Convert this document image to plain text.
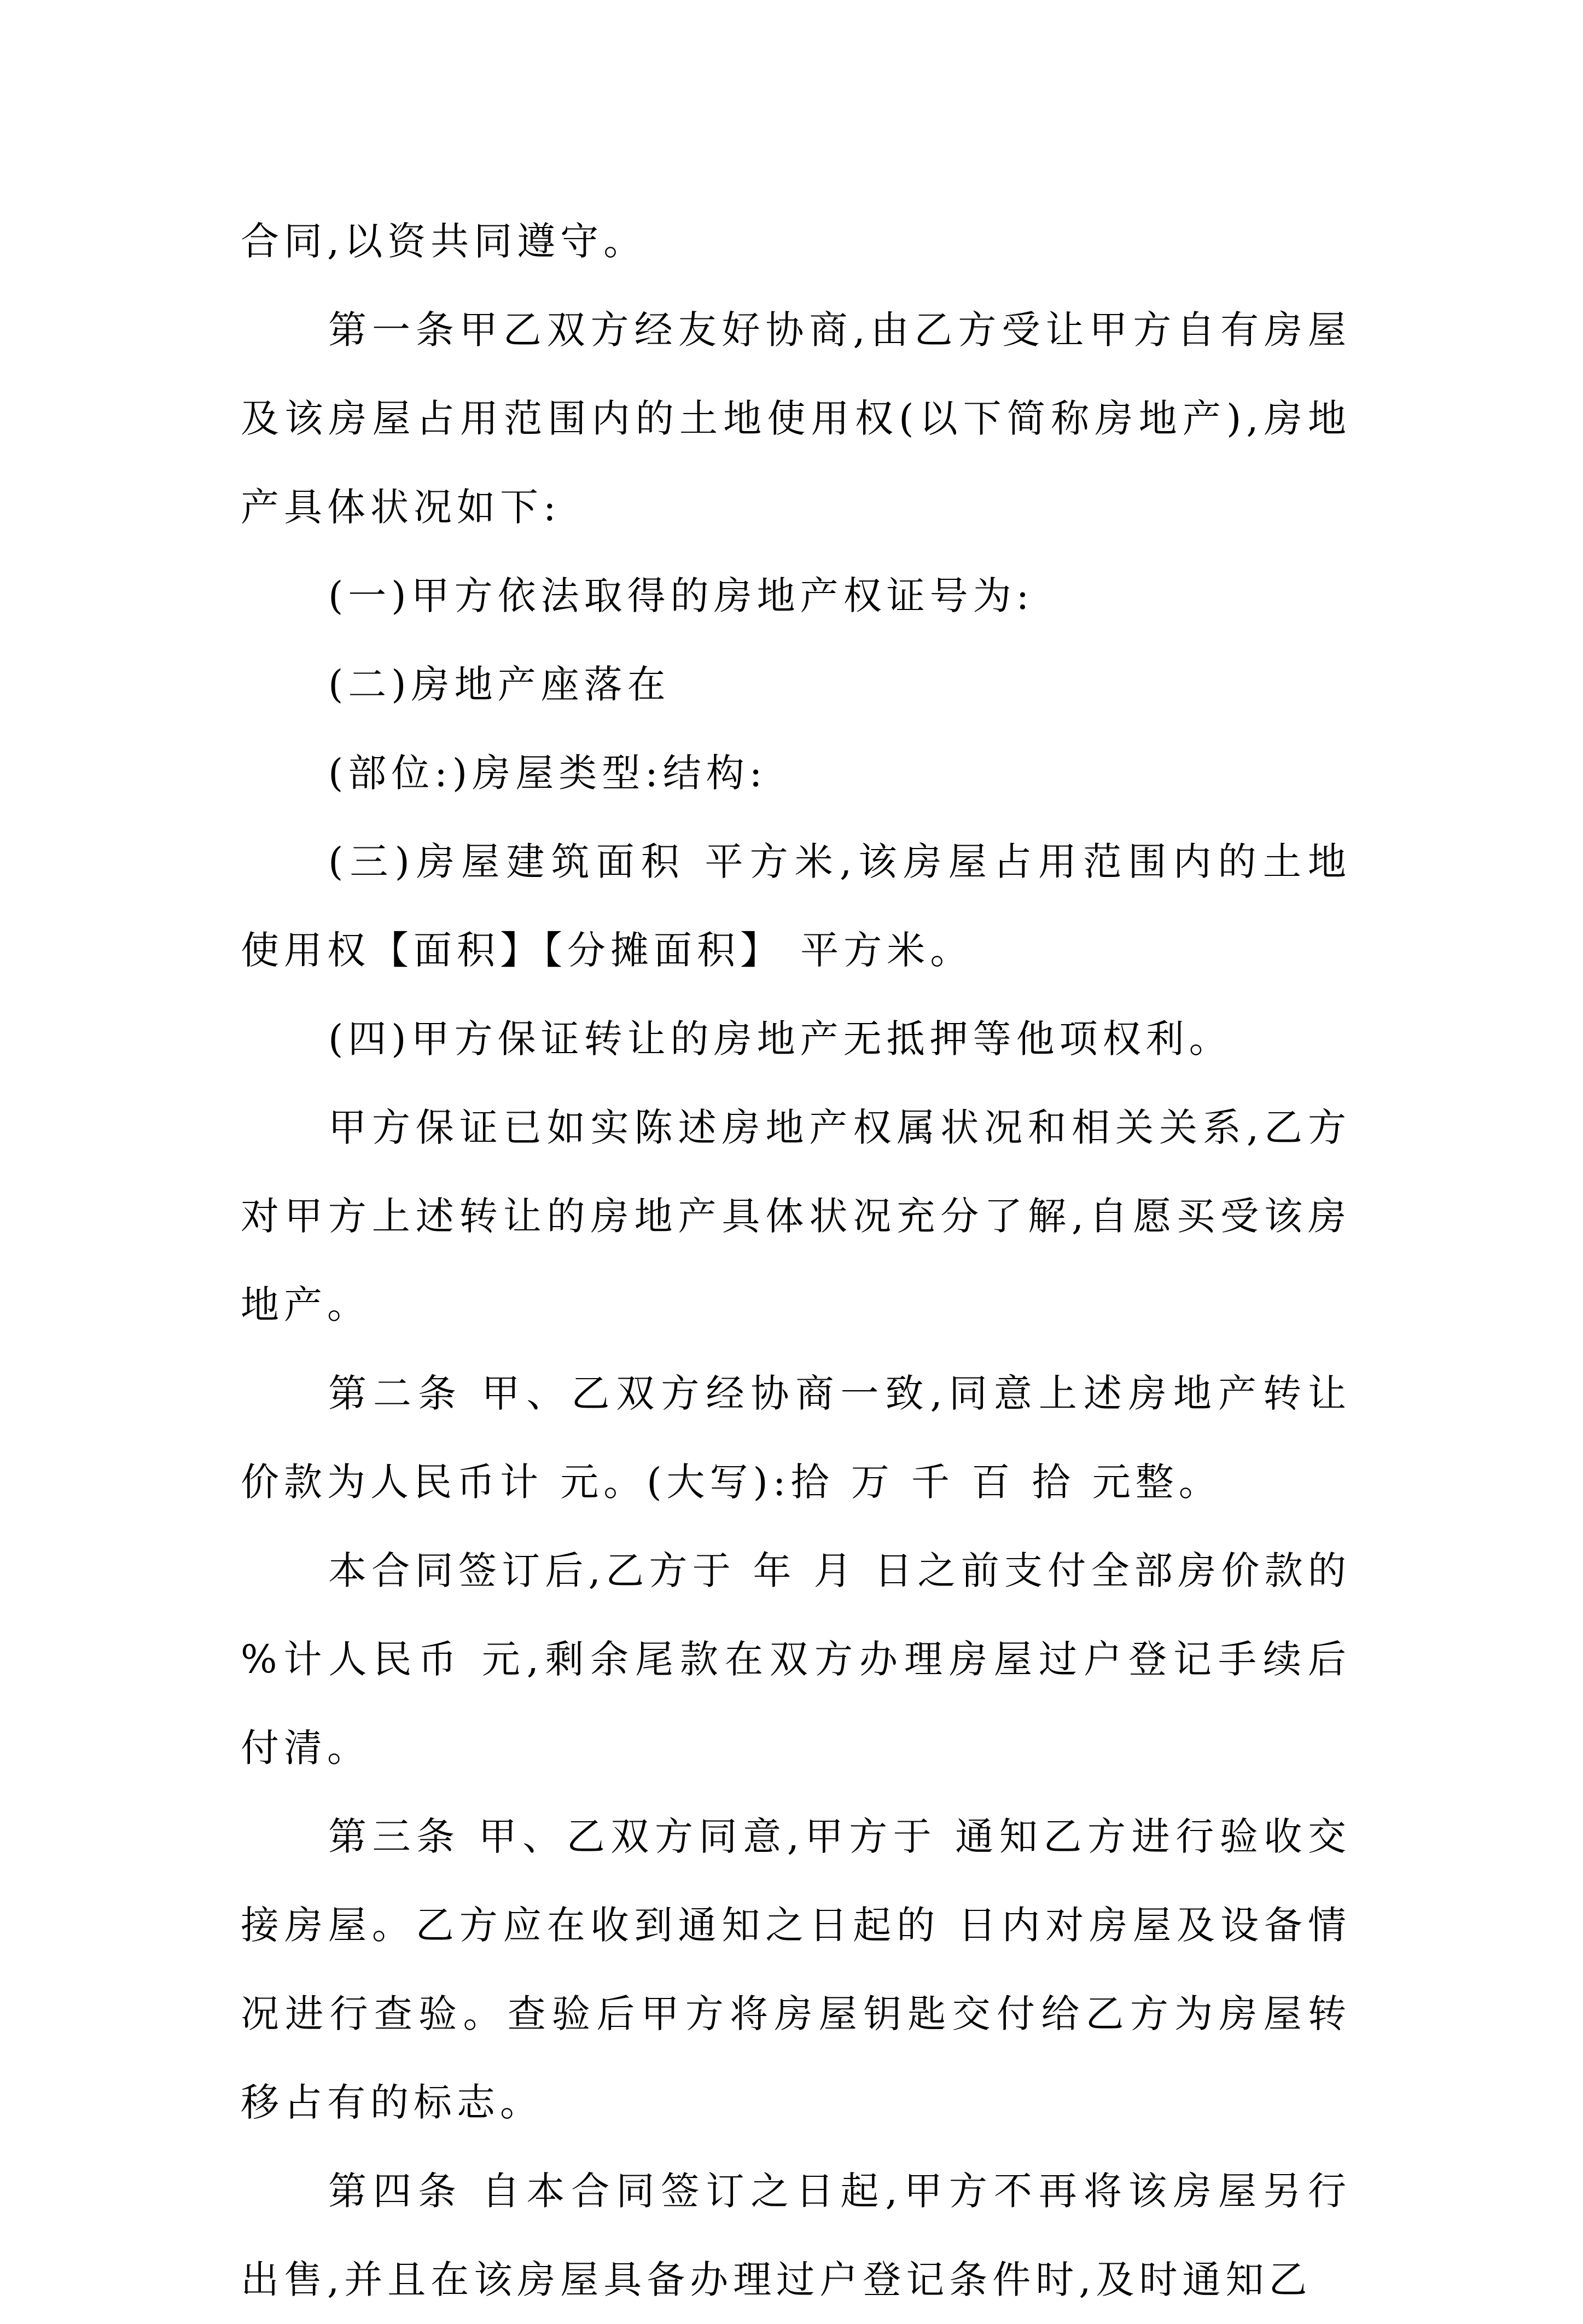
合同,以资共同遵守。

第一条甲乙双方经友好协商,由乙方受让甲方自有房屋及该房屋占用范围内的土地使用权(以下简称房地产),房地产具体状况如下:

(一)甲方依法取得的房地产权证号为:

(二)房地产座落在

(部位:)房屋类型:结构:

(三)房屋建筑面积 平方米,该房屋占用范围内的土地使用权【面积】【分摊面积】 平方米。

(四)甲方保证转让的房地产无抵押等他项权利。

甲方保证已如实陈述房地产权属状况和相关关系,乙方对甲方上述转让的房地产具体状况充分了解,自愿买受该房地产。

第二条 甲、乙双方经协商一致,同意上述房地产转让价款为人民币计 元。(大写):拾 万 千 百 拾 元整。

本合同签订后,乙方于 年 月 日之前支付全部房价款的 %计人民币 元,剩余尾款在双方办理房屋过户登记手续后付清。

第三条 甲、乙双方同意,甲方于 通知乙方进行验收交接房屋。乙方应在收到通知之日起的 日内对房屋及设备情况进行查验。查验后甲方将房屋钥匙交付给乙方为房屋转移占有的标志。

第四条 自本合同签订之日起,甲方不再将该房屋另行出售,并且在该房屋具备办理过户登记条件时,及时通知乙
